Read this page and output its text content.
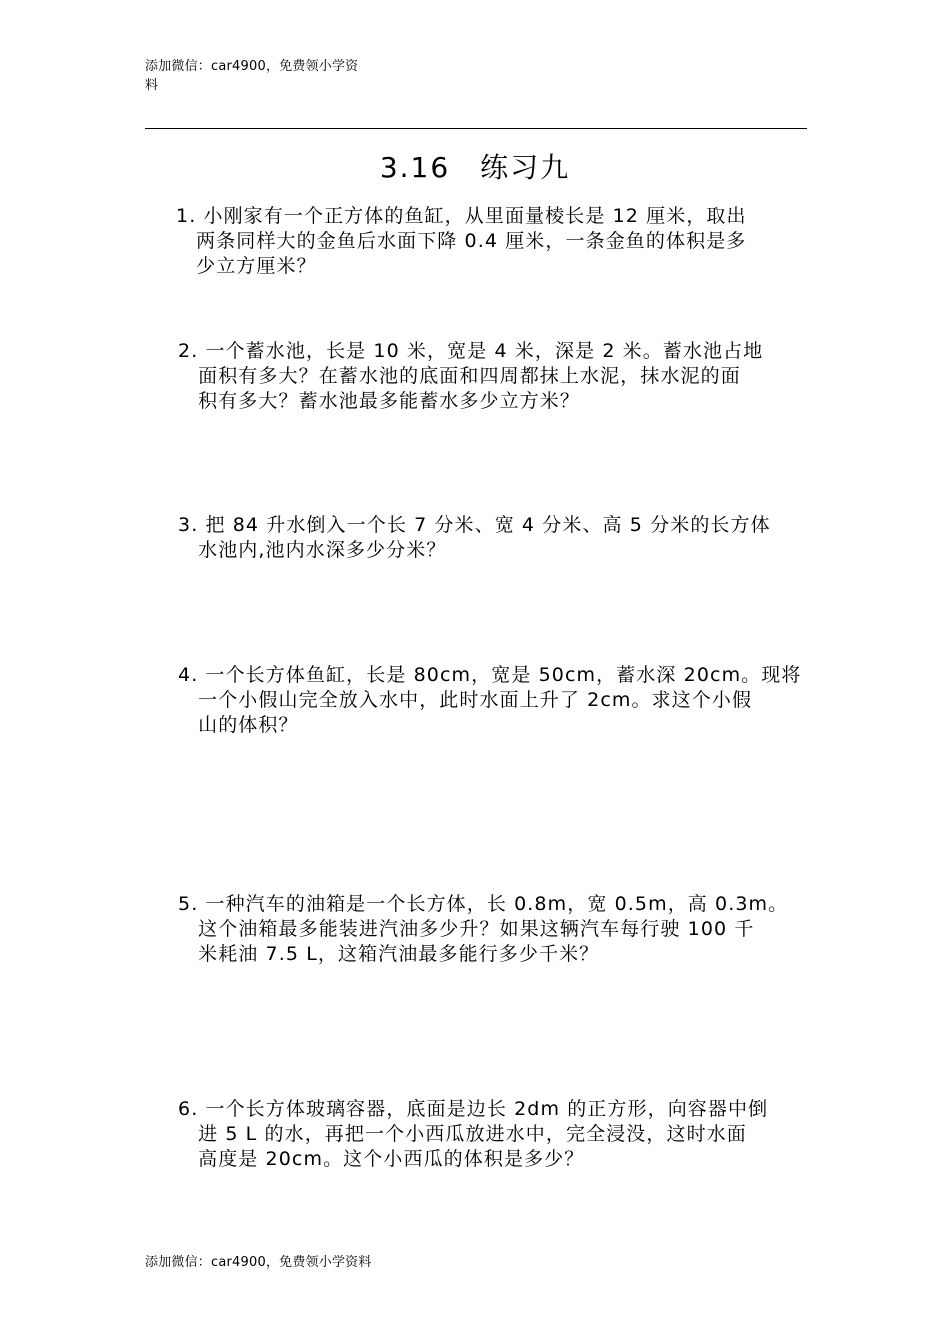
添加微信：car4900，免费领小学资
料
3.16　练习九

1. 小刚家有一个正方体的鱼缸，从里面量棱长是 12 厘米，取出
　两条同样大的金鱼后水面下降 0.4 厘米，一条金鱼的体积是多
　少立方厘米？

2. 一个蓄水池，长是 10 米，宽是 4 米，深是 2 米。蓄水池占地
　面积有多大？在蓄水池的底面和四周都抹上水泥，抹水泥的面
　积有多大？蓄水池最多能蓄水多少立方米？

3. 把 84 升水倒入一个长 7 分米、宽 4 分米、高 5 分米的长方体
　水池内,池内水深多少分米？

4. 一个长方体鱼缸，长是 80cm，宽是 50cm，蓄水深 20cm。现将
　一个小假山完全放入水中，此时水面上升了 2cm。求这个小假
　山的体积？

5. 一种汽车的油箱是一个长方体，长 0.8m，宽 0.5m，高 0.3m。
　这个油箱最多能装进汽油多少升？如果这辆汽车每行驶 100 千
　米耗油 7.5 L，这箱汽油最多能行多少千米？

6. 一个长方体玻璃容器，底面是边长 2dm 的正方形，向容器中倒
　进 5 L 的水，再把一个小西瓜放进水中，完全浸没，这时水面
　高度是 20cm。这个小西瓜的体积是多少？

添加微信：car4900，免费领小学资料
